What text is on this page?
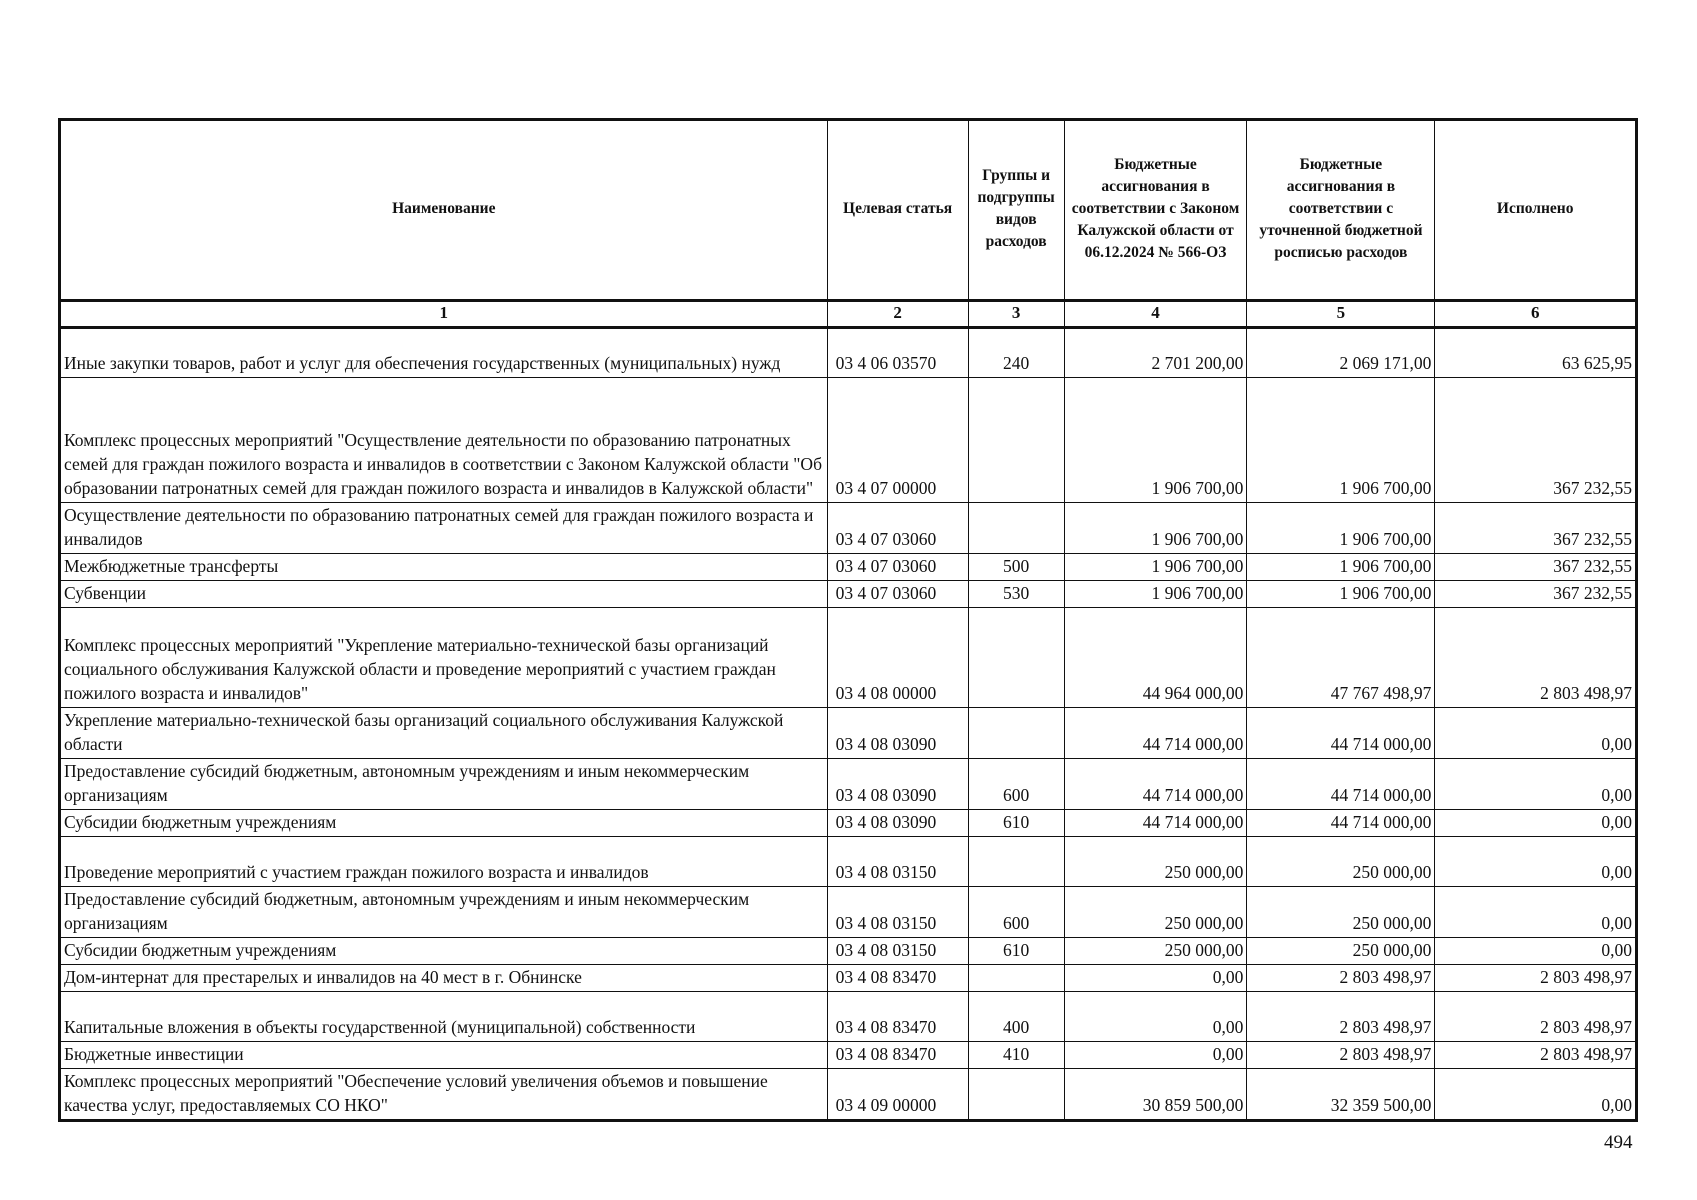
Наименование	Целевая статья	Группы и подгруппы видов расходов	Бюджетные ассигнования в соответствии с Законом Калужской области от 06.12.2024 № 566-ОЗ	Бюджетные ассигнования в соответствии с уточненной бюджетной росписью расходов	Исполнено
1	2	3	4	5	6
Иные закупки товаров, работ и услуг для обеспечения государственных (муниципальных) нужд	03 4 06 03570	240	2 701 200,00	2 069 171,00	63 625,95
Комплекс процессных мероприятий "Осуществление деятельности по образованию патронатных семей для граждан пожилого возраста и инвалидов в соответствии с Законом Калужской области "Об образовании патронатных семей для граждан пожилого возраста и инвалидов в Калужской области"	03 4 07 00000		1 906 700,00	1 906 700,00	367 232,55
Осуществление деятельности по образованию патронатных семей для граждан пожилого возраста и инвалидов	03 4 07 03060		1 906 700,00	1 906 700,00	367 232,55
Межбюджетные трансферты	03 4 07 03060	500	1 906 700,00	1 906 700,00	367 232,55
Субвенции	03 4 07 03060	530	1 906 700,00	1 906 700,00	367 232,55
Комплекс процессных мероприятий "Укрепление материально-технической базы организаций социального обслуживания Калужской области и проведение мероприятий с участием граждан пожилого возраста и инвалидов"	03 4 08 00000		44 964 000,00	47 767 498,97	2 803 498,97
Укрепление материально-технической базы организаций социального обслуживания Калужской области	03 4 08 03090		44 714 000,00	44 714 000,00	0,00
Предоставление субсидий бюджетным, автономным учреждениям и иным некоммерческим организациям	03 4 08 03090	600	44 714 000,00	44 714 000,00	0,00
Субсидии бюджетным учреждениям	03 4 08 03090	610	44 714 000,00	44 714 000,00	0,00
Проведение мероприятий с участием граждан пожилого возраста и инвалидов	03 4 08 03150		250 000,00	250 000,00	0,00
Предоставление субсидий бюджетным, автономным учреждениям и иным некоммерческим организациям	03 4 08 03150	600	250 000,00	250 000,00	0,00
Субсидии бюджетным учреждениям	03 4 08 03150	610	250 000,00	250 000,00	0,00
Дом-интернат для престарелых и инвалидов на 40 мест в г. Обнинске	03 4 08 83470		0,00	2 803 498,97	2 803 498,97
Капитальные вложения в объекты государственной (муниципальной) собственности	03 4 08 83470	400	0,00	2 803 498,97	2 803 498,97
Бюджетные инвестиции	03 4 08 83470	410	0,00	2 803 498,97	2 803 498,97
Комплекс процессных мероприятий "Обеспечение условий увеличения объемов и повышение качества услуг, предоставляемых СО НКО"	03 4 09 00000		30 859 500,00	32 359 500,00	0,00
494
